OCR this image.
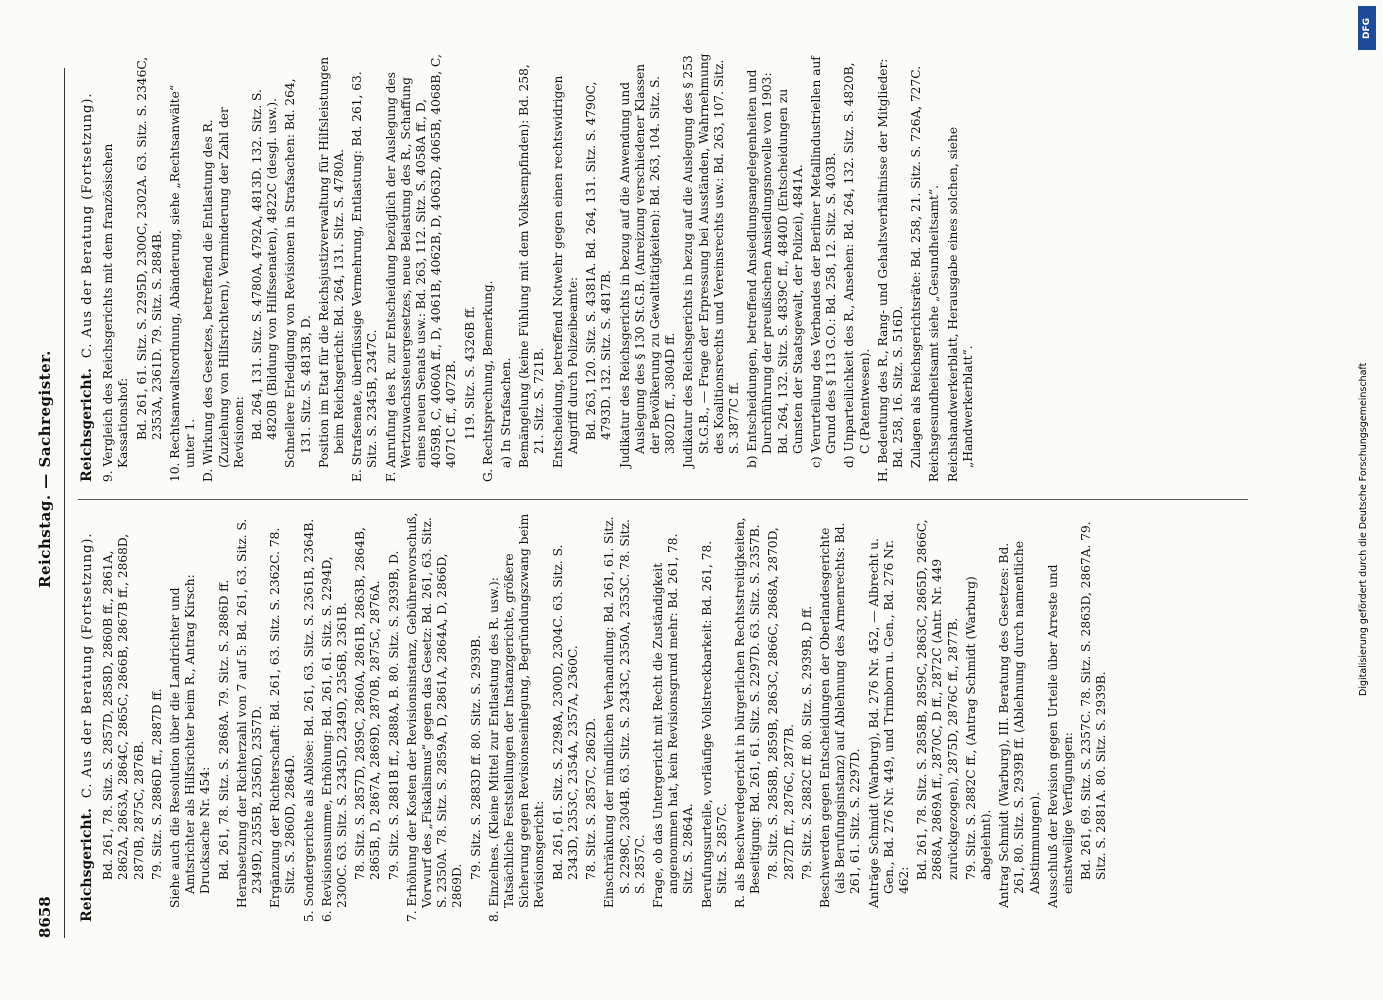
8658
Reichstag. — Sachregister.
Reichsgericht.
C. Aus der Beratung (Fortsetzung). Bd. 261, 78. Sitz. S. 2857D, 2858D, 2860B ff., 2861A, 2862A, 2863A, 2864C, 2865C, 2866B, 2867B ff., 2868D, 2870B, 2875C, 2876B. 79. Sitz. S. 2886D ff., 2887D ff. Siehe auch die Resolution über die Landrichter und Amtsrichter als Hilfsrichter beim R., Antrag Kirsch: Drucksache Nr. 454: Bd. 261, 78. Sitz. S. 2868A. 79. Sitz. S. 2886D ff. Herabsetzung der Richterzahl von 7 auf 5: Bd. 261, 63. Sitz. S. 2349D, 2355B, 2356D, 2357D. Ergänzung der Richterschaft: Bd. 261, 63. Sitz. S. 2362C. 78. Sitz. S. 2860D, 2864D. 5. Sondergerichte als Ablöse: Bd. 261, 63. Sitz. S. 2361B, 2364B. 6. Revisionssumme, Erhöhung: Bd. 261, 61. Sitz. S. 2294D, 2300C. 63. Sitz. S. 2345D, 2349D, 2356B, 2361B. 78. Sitz. S. 2857D, 2859C, 2860A, 2861B, 2863B, 2864B, 2865B, D, 2867A, 2869D, 2870B, 2875C, 2876A. 79. Sitz. S. 2881B ff., 2888A, B. 80. Sitz. S. 2939B, D. 7. Erhöhung der Kosten der Revisionsinstanz, Gebührenvorschuß, Vorwurf des „Fiskalismus“ gegen das Gesetz: Bd. 261, 63. Sitz. S. 2350A. 78. Sitz. S. 2859A, D, 2861A, 2864A, D, 2866D, 2869D.
79. Sitz. S. 2883D ff. 80. Sitz. S. 2939B. 8. Einzelnes. (Kleine Mittel zur Entlastung des R. usw.): Tatsächliche Feststellungen der Instanzgerichte, größere Sicherung gegen Revisionseinlegung, Begründungszwang beim Revisionsgericht: Bd. 261, 61. Sitz. S. 2298A, 2300D, 2304C. 63. Sitz. S. 2343D, 2353C, 2354A, 2357A, 2360C. 78. Sitz. S. 2857C, 2862D. Einschränkung der mündlichen Verhandlung: Bd. 261, 61. Sitz. S. 2298C, 2304B. 63. Sitz. S. 2343C, 2350A, 2353C. 78. Sitz. S. 2857C. Frage, ob das Untergericht mit Recht die Zuständigkeit angenommen hat, kein Revisionsgrund mehr: Bd. 261, 78. Sitz. S. 2864A. Berufungsurteile, vorläufige Vollstreckbarkeit: Bd. 261, 78. Sitz. S. 2857C. R. als Beschwerdegericht in bürgerlichen Rechtsstreitigkeiten, Beseitigung: Bd. 261, 61. Sitz. S. 2297D. 63. Sitz. S. 2357B. 78. Sitz. S. 2858B, 2859B, 2863C, 2866C, 2868A, 2870D, 2872D ff., 2876C, 2877B. 79. Sitz. S. 2882C ff. 80. Sitz. S. 2939B, D ff. Beschwerden gegen Entscheidungen der Oberlandesgerichte (als Berufungsinstanz) auf Ablehnung des Armenrechts: Bd. 261, 61. Sitz. S. 2297D. Anträge Schmidt (Warburg), Bd. 276 Nr. 452, — Albrecht u. Gen., Bd. 276 Nr. 449, und Trimborn u. Gen., Bd. 276 Nr. 462:
Bd. 261, 78. Sitz. S. 2858B, 2859C, 2863C, 2865D, 2866C, 2868A, 2869A ff., 2870C, D ff., 2872C (Antr. Nr. 449 zurückgezogen), 2875D, 2876C ff., 2877B. 79. Sitz. S. 2882C ff., (Antrag Schmidt (Warburg) abgelehnt). Antrag Schmidt (Warburg), III. Beratung des Gesetzes: Bd. 261, 80. Sitz. S. 2939B ff. (Ablehnung durch namentliche Abstimmungen). Ausschluß der Revision gegen Urteile über Arreste und einstweilige Verfügungen: Bd. 261, 69. Sitz. S. 2357C. 78. Sitz. S. 2863D, 2867A. 79. Sitz. S. 2881A. 80. Sitz. S. 2939B.
Reichsgericht.
C. Aus der Beratung (Fortsetzung). 9. Vergleich des Reichsgerichts mit dem französischen Kassationshof: Bd. 261, 61. Sitz. S. 2295D, 2300C, 2302A. 63. Sitz. S. 2346C, 2353A, 2361D. 79. Sitz. S. 2884B. 10. Rechtsanwaltsordnung, Abänderung, siehe „Rechtsanwälte“ unter 1. D. Wirkung des Gesetzes, betreffend die Entlastung des R. (Zuziehung von Hilfsrichtern), Verminderung der Zahl der Revisionen: Bd. 264, 131. Sitz. S. 4780A, 4792A, 4813D. 132. Sitz. S. 4820B (Bildung von Hilfssenaten), 4822C (desgl. usw.). Schnellere Erledigung von Revisionen in Strafsachen: Bd. 264, 131. Sitz. S. 4813B, D. Position im Etat für die Reichsjustizverwaltung für Hilfsleistungen beim Reichsgericht: Bd. 264, 131. Sitz. S. 4780A. E. Strafsenate, überflüssige Vermehrung, Entlastung: Bd. 261, 63. Sitz. S. 2345B, 2347C. F. Anrufung des R. zur Entscheidung bezüglich der Auslegung des Wertzuwachssteuergesetzes, neue Belastung des R., Schaffung eines neuen Senats usw.: Bd. 263, 112. Sitz. S. 4058A ff., D, 4059B, C, 4060A ff., D, 4061B, 4062B, D, 4063D, 4065B, 4068B, C, 4071C ff., 4072B. 119. Sitz. S. 4326B ff. G. Rechtsprechung, Bemerkung. a) In Strafsachen. Bemängelung (keine Fühlung mit dem Volksempfinden): Bd. 258, 21. Sitz. S. 721B. Entscheidung, betreffend Notwehr gegen einen rechtswidrigen Angriff durch Polizeibeamte: Bd. 263, 120. Sitz. S. 4381A. Bd. 264, 131. Sitz. S. 4790C, 4793D. 132. Sitz. S. 4817B. Judikatur des Reichsgerichts in bezug auf die Anwendung und Auslegung des § 130 St.G.B. (Anreizung verschiedener Klassen der Bevölkerung zu Gewalttätigkeiten): Bd. 263, 104. Sitz. S. 3802D ff., 3804D ff. Judikatur des Reichsgerichts in bezug auf die Auslegung des § 253 St.G.B., — Frage der Erpressung bei Ausständen, Wahrnehmung des Koalitionsrechts und Vereinsrechts usw.: Bd. 263, 107. Sitz. S. 3877C ff. b) Entscheidungen, betreffend Ansiedlungsangelegenheiten und Durchführung der preußischen Ansiedlungsnovelle von 1903: Bd. 264, 132. Sitz. S. 4839C ff., 4840D (Entscheidungen zu Gunsten der Staatsgewalt, der Polizei), 4841A. c) Verurteilung des Verbandes der Berliner Metallindustriellen auf Grund des § 113 G.O.: Bd. 258, 12. Sitz. S. 403B. d) Unparteilichkeit des R., Ansehen: Bd. 264, 132. Sitz. S. 4820B, C (Patentwesen). H. Bedeutung des R., Rang- und Gehaltsverhältnisse der Mitglieder: Bd. 258, 16. Sitz. S. 516D. Zulagen als Reichsgerichtsräte: Bd. 258, 21. Sitz. S. 726A, 727C. Reichsgesundheitsamt siehe „Gesundheitsamt“. Reichshandwerkerblatt, Herausgabe eines solchen, siehe „Handwerkerblatt“.
DFG
Digitalisierung gefördert durch die Deutsche Forschungsgemeinschaft
